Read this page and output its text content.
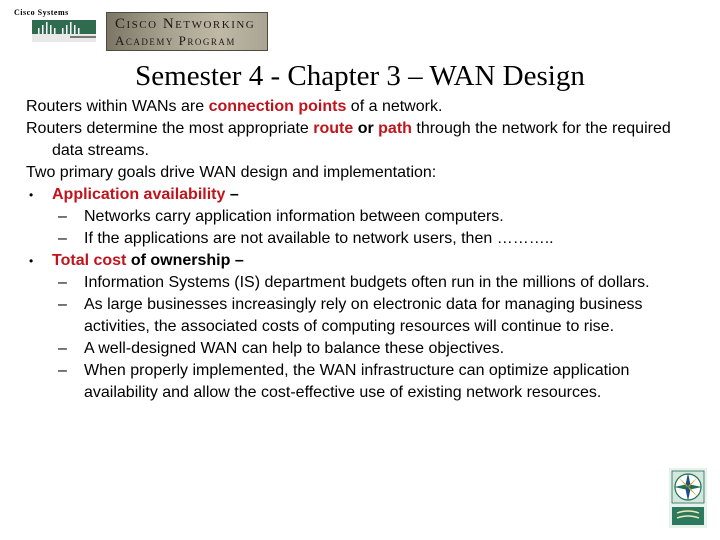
Cisco Systems
Cisco Networking
Academy Program
Semester 4 - Chapter 3 – WAN Design

Routers within WANs are connection points of a network.

Routers determine the most appropriate route or path through the network for the required data streams.

Two primary goals drive WAN design and implementation:

• Application availability –

– Networks carry application information between computers.

– If the applications are not available to network users, then ………..

• Total cost of ownership –

– Information Systems (IS) department budgets often run in the millions of dollars.

– As large businesses increasingly rely on electronic data for managing business activities, the associated costs of computing resources will continue to rise.

– A well-designed WAN can help to balance these objectives.

– When properly implemented, the WAN infrastructure can optimize application availability and allow the cost-effective use of existing network resources.
